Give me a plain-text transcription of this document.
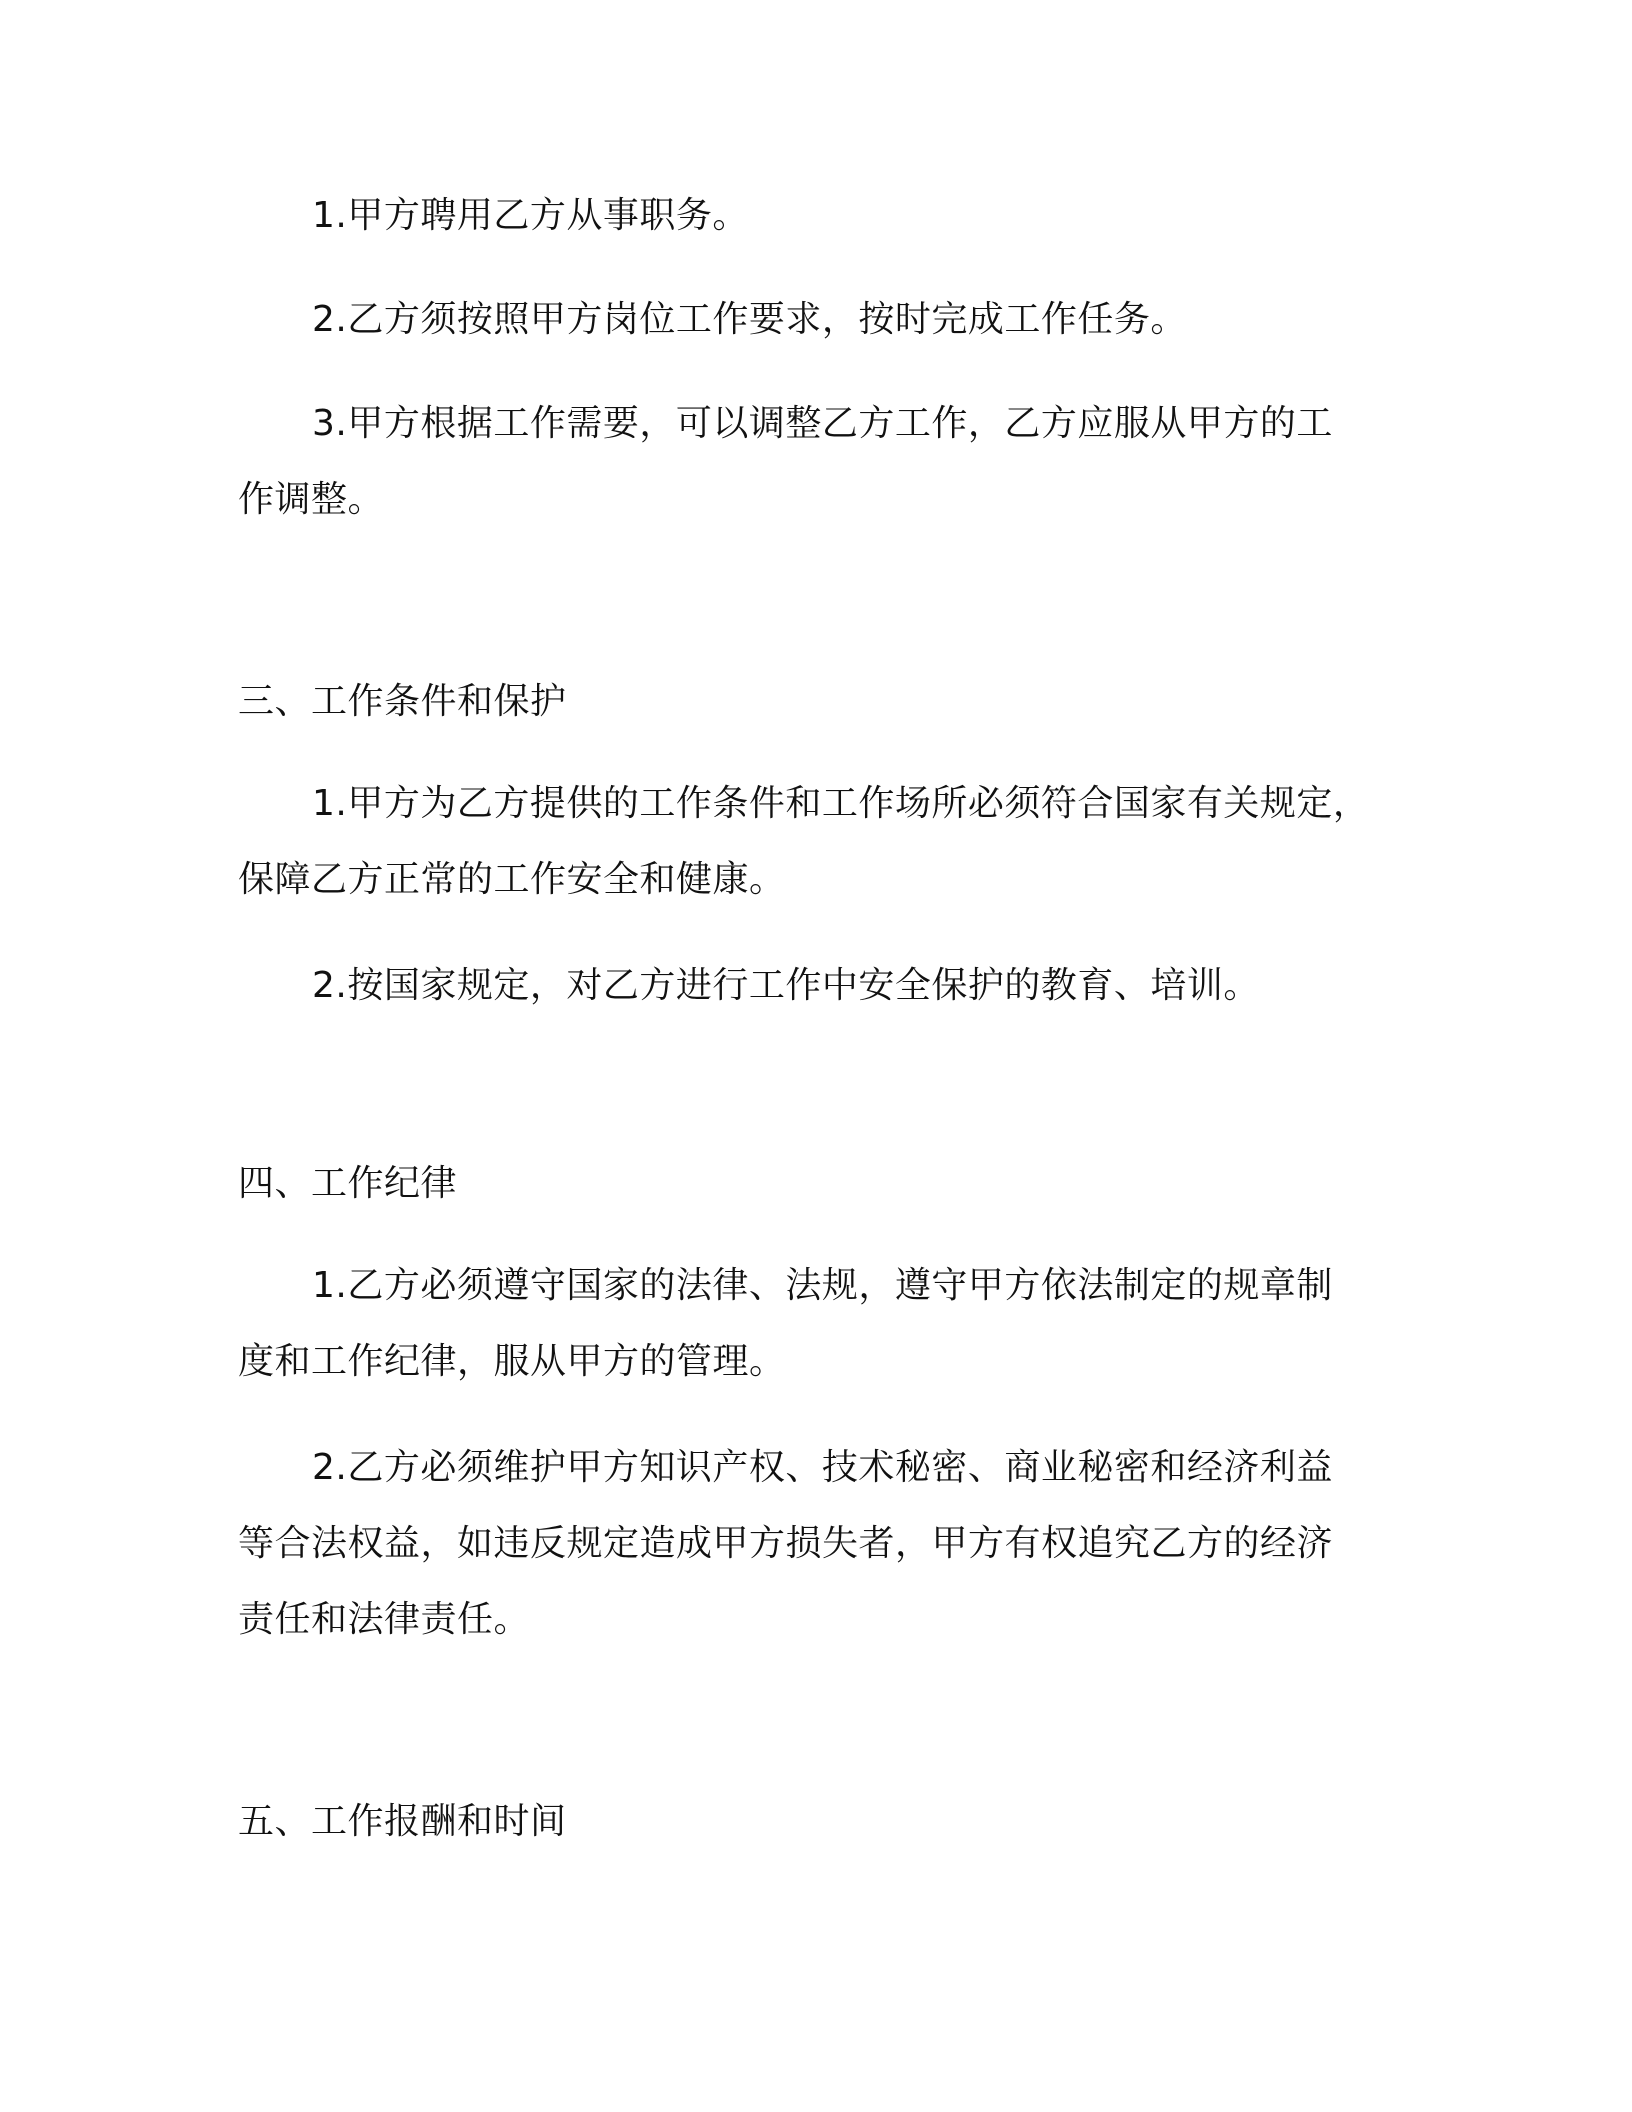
1.甲方聘用乙方从事职务。
2.乙方须按照甲方岗位工作要求，按时完成工作任务。
3.甲方根据工作需要，可以调整乙方工作，乙方应服从甲方的工
作调整。
三、工作条件和保护
1.甲方为乙方提供的工作条件和工作场所必须符合国家有关规定，
保障乙方正常的工作安全和健康。
2.按国家规定，对乙方进行工作中安全保护的教育、培训。
四、工作纪律
1.乙方必须遵守国家的法律、法规，遵守甲方依法制定的规章制
度和工作纪律，服从甲方的管理。
2.乙方必须维护甲方知识产权、技术秘密、商业秘密和经济利益
等合法权益，如违反规定造成甲方损失者，甲方有权追究乙方的经济
责任和法律责任。
五、工作报酬和时间
